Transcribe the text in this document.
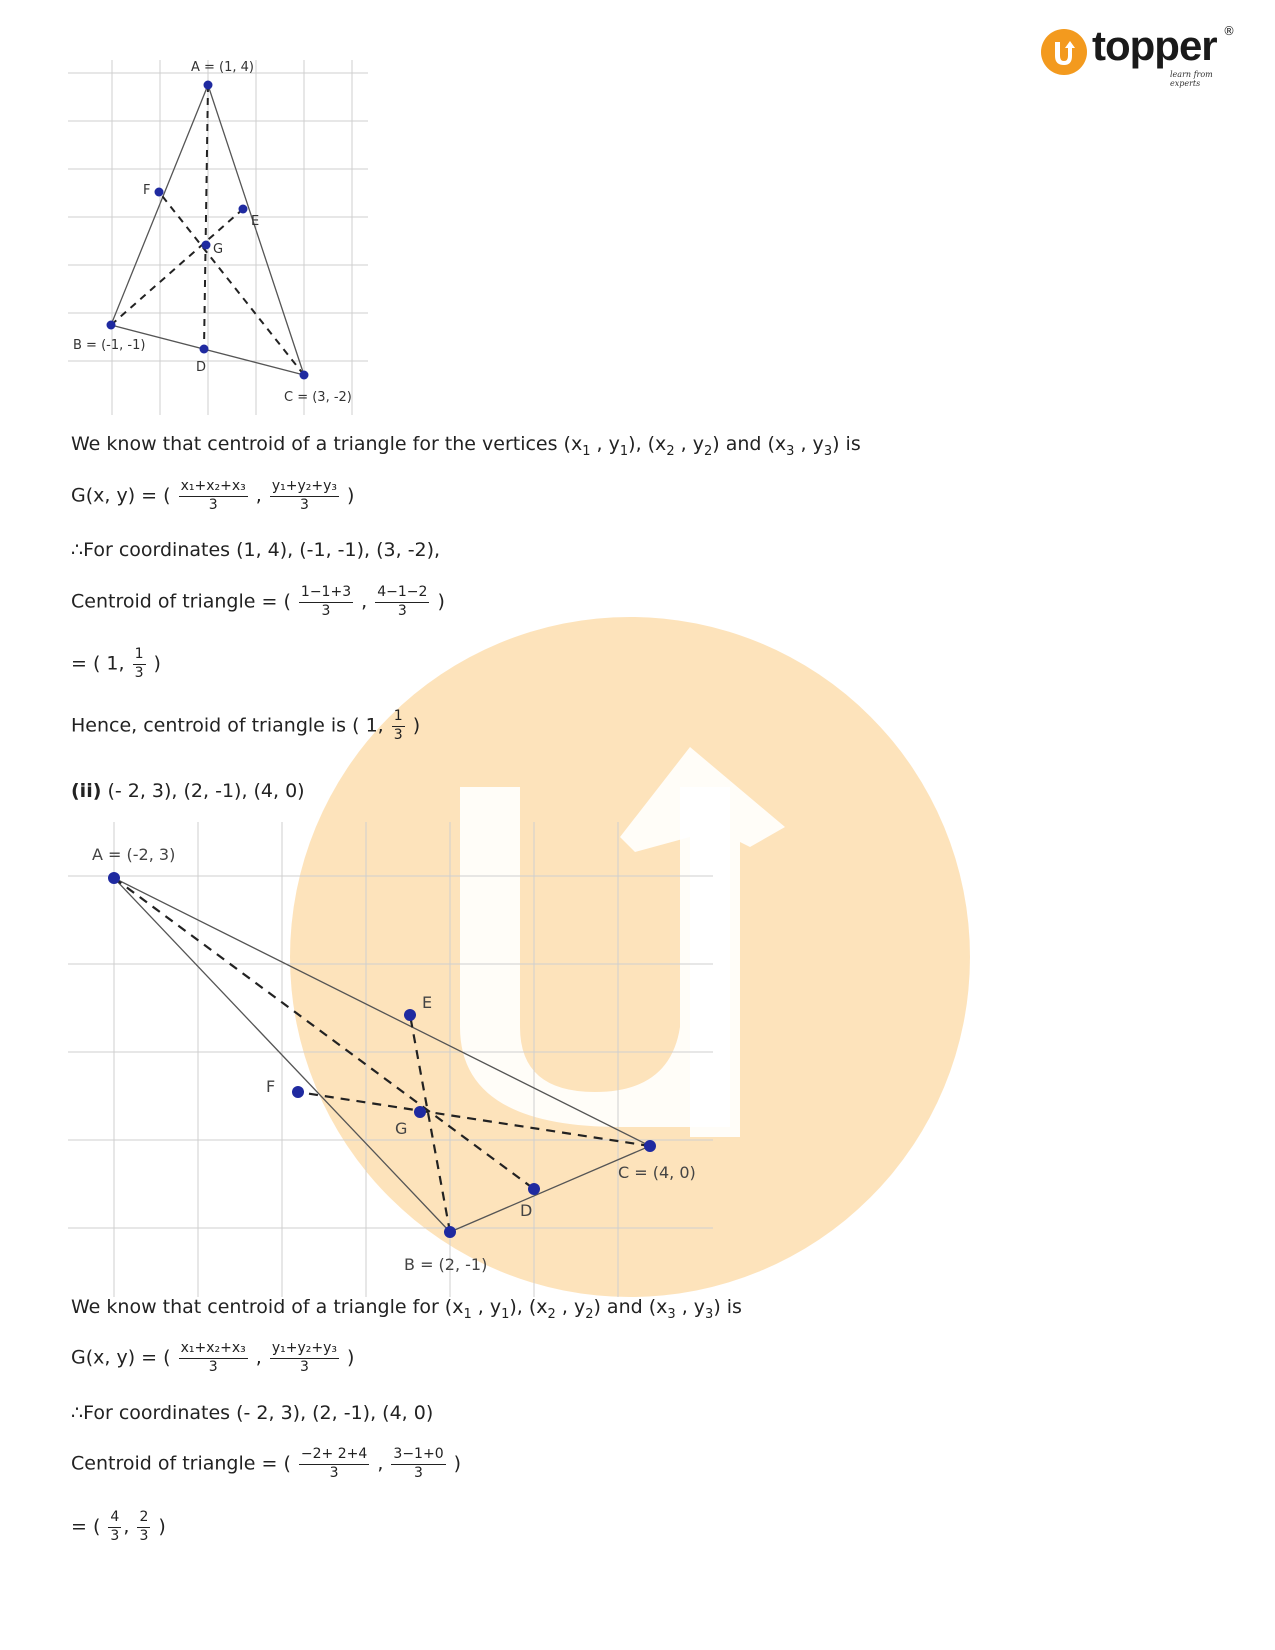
topper ®
learn from experts
A = (1, 4)
B = (-1, -1)
C = (3, -2)
D
E
F
G
We know that centroid of a triangle for the vertices ($x_1$ , $y_1$), ($x_2$ , $y_2$) and ($x_3$ , $y_3$) is
G(x, y) = ( $\frac{\text{x₁+x₂+x₃}}{3}$ , $\frac{\text{y₁+y₂+y₃}}{3}$ )
∴For coordinates (1, 4), (-1, -1), (3, -2),
Centroid of triangle = ( $\frac{1-1+3}{3}$ , $\frac{4-1-2}{3}$ )
= ( 1, $\frac{1}{3}$ )
Hence, centroid of triangle is ( 1, $\frac{1}{3}$ )
(ii) (- 2, 3), (2, -1), (4, 0)
A = (-2, 3)
B = (2, -1)
C = (4, 0)
D
E
F
G
We know that centroid of a triangle for ($x_1$ , $y_1$), ($x_2$ , $y_2$) and ($x_3$ , $y_3$) is
G(x, y) = ( $\frac{\text{x₁+x₂+x₃}}{3}$ , $\frac{\text{y₁+y₂+y₃}}{3}$ )
∴For coordinates (- 2, 3), (2, -1), (4, 0)
Centroid of triangle = ( $\frac{-2+ 2+4}{3}$ , $\frac{3-1+0}{3}$ )
= ( $\frac{4}{3}$ , $\frac{2}{3}$ )
